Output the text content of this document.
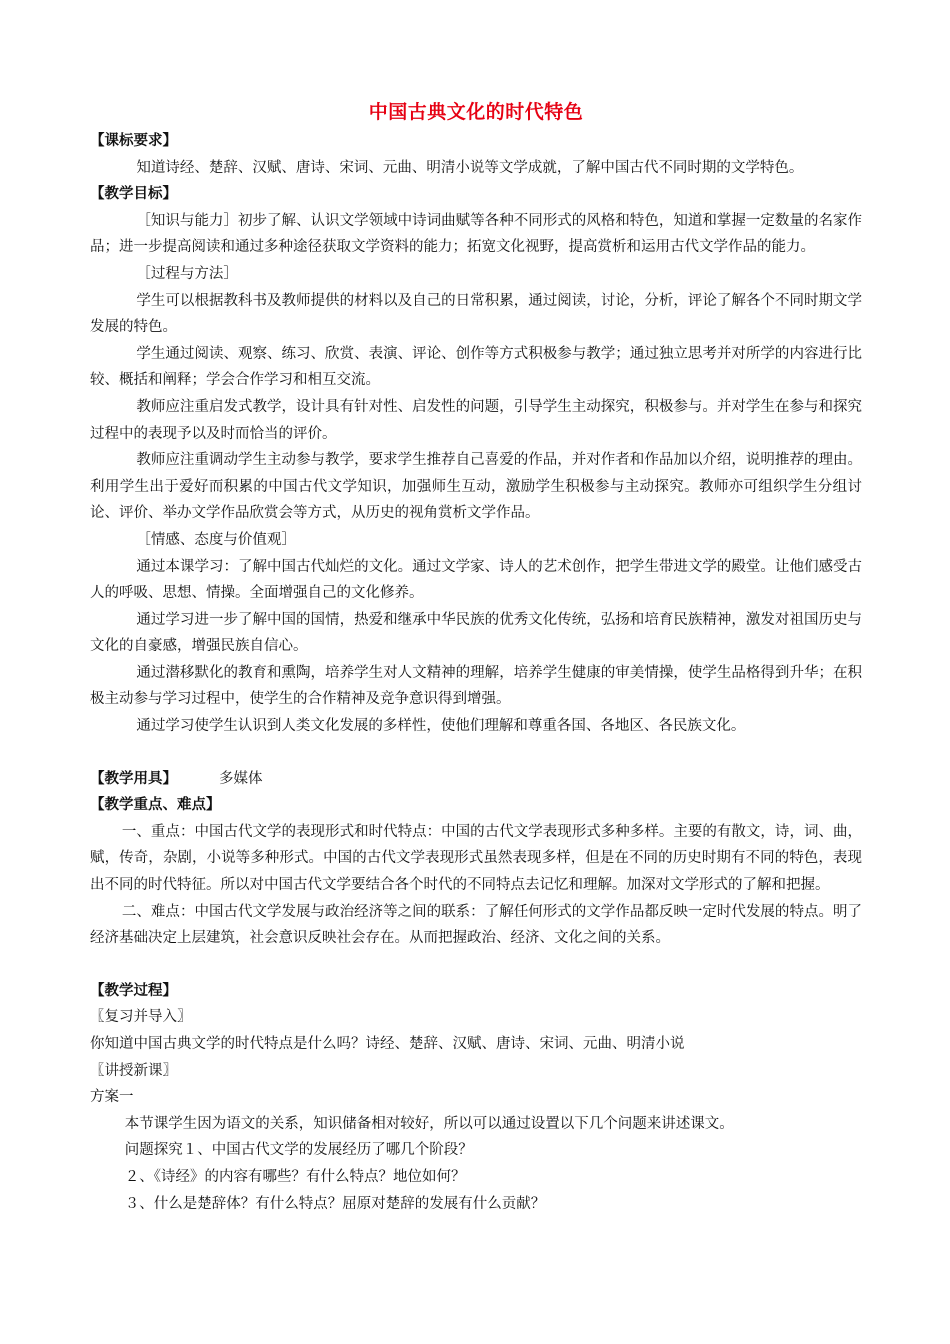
中国古典文化的时代特色

【课标要求】

知道诗经、楚辞、汉赋、唐诗、宋词、元曲、明清小说等文学成就，了解中国古代不同时期的文学特色。

【教学目标】

［知识与能力］初步了解、认识文学领域中诗词曲赋等各种不同形式的风格和特色，知道和掌握一定数量的名家作品；进一步提高阅读和通过多种途径获取文学资料的能力；拓宽文化视野，提高赏析和运用古代文学作品的能力。

［过程与方法］

学生可以根据教科书及教师提供的材料以及自己的日常积累，通过阅读，讨论，分析，评论了解各个不同时期文学发展的特色。

学生通过阅读、观察、练习、欣赏、表演、评论、创作等方式积极参与教学；通过独立思考并对所学的内容进行比较、概括和阐释；学会合作学习和相互交流。

教师应注重启发式教学，设计具有针对性、启发性的问题，引导学生主动探究，积极参与。并对学生在参与和探究过程中的表现予以及时而恰当的评价。

教师应注重调动学生主动参与教学，要求学生推荐自己喜爱的作品，并对作者和作品加以介绍，说明推荐的理由。利用学生出于爱好而积累的中国古代文学知识，加强师生互动，激励学生积极参与主动探究。教师亦可组织学生分组讨论、评价、举办文学作品欣赏会等方式，从历史的视角赏析文学作品。

［情感、态度与价值观］

通过本课学习：了解中国古代灿烂的文化。通过文学家、诗人的艺术创作，把学生带进文学的殿堂。让他们感受古人的呼吸、思想、情操。全面增强自己的文化修养。

通过学习进一步了解中国的国情，热爱和继承中华民族的优秀文化传统，弘扬和培育民族精神，激发对祖国历史与文化的自豪感，增强民族自信心。

通过潜移默化的教育和熏陶，培养学生对人文精神的理解，培养学生健康的审美情操，使学生品格得到升华；在积极主动参与学习过程中，使学生的合作精神及竞争意识得到增强。

通过学习使学生认识到人类文化发展的多样性，使他们理解和尊重各国、各地区、各民族文化。

【教学用具】	多媒体

【教学重点、难点】

一、重点：中国古代文学的表现形式和时代特点：中国的古代文学表现形式多种多样。主要的有散文，诗，词、曲，赋，传奇，杂剧，小说等多种形式。中国的古代文学表现形式虽然表现多样，但是在不同的历史时期有不同的特色，表现出不同的时代特征。所以对中国古代文学要结合各个时代的不同特点去记忆和理解。加深对文学形式的了解和把握。

二、难点：中国古代文学发展与政治经济等之间的联系：了解任何形式的文学作品都反映一定时代发展的特点。明了经济基础决定上层建筑，社会意识反映社会存在。从而把握政治、经济、文化之间的关系。

【教学过程】

〖复习并导入〗

你知道中国古典文学的时代特点是什么吗？诗经、楚辞、汉赋、唐诗、宋词、元曲、明清小说

〖讲授新课〗

方案一

本节课学生因为语文的关系，知识储备相对较好，所以可以通过设置以下几个问题来讲述课文。

问题探究１、中国古代文学的发展经历了哪几个阶段？

２、《诗经》的内容有哪些？有什么特点？地位如何？

３、什么是楚辞体？有什么特点？屈原对楚辞的发展有什么贡献？
